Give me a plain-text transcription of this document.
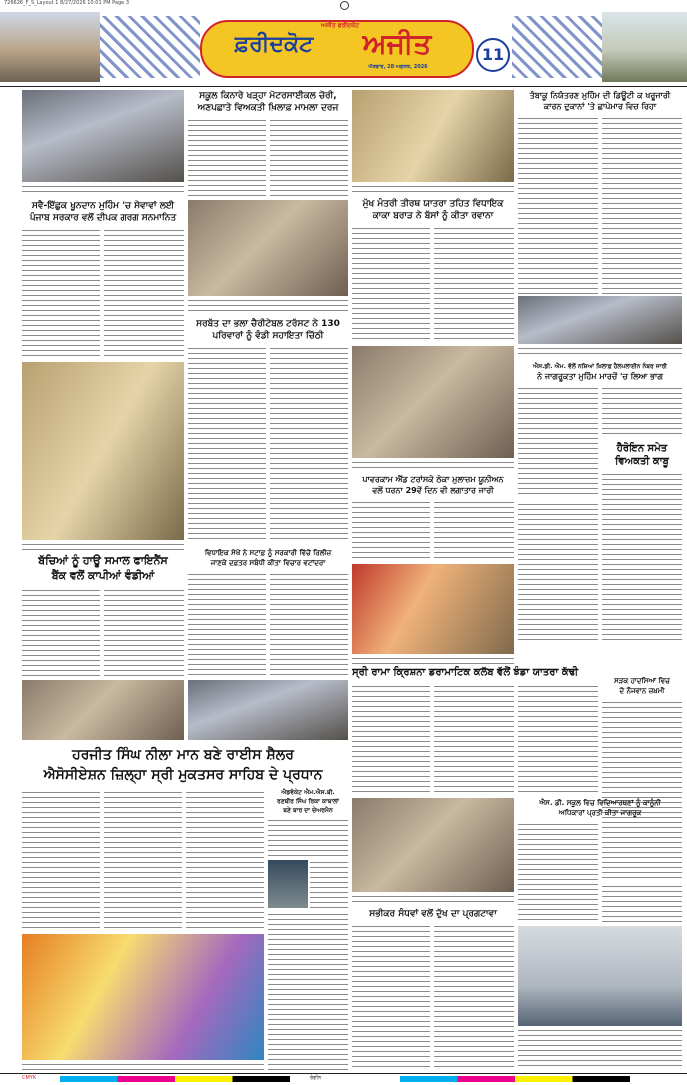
726626_F_S_Layout 1 8/27/2026 10:01 PM Page 3
ਅਜੀਤ ਫਰੀਦਕੋਟ
ਫ਼ਰੀਦਕੋਟ	ਅਜੀਤ
ਐਤਵਾਰ, 28 ਅਗਸਤ, 2026
11
ਸਵੈ-ਇੱਛੁਕ ਖੂਨਦਾਨ ਮੁਹਿੰਮ 'ਚ ਸੇਵਾਵਾਂ ਲਈ
ਪੰਜਾਬ ਸਰਕਾਰ ਵਲੋਂ ਦੀਪਕ ਗਰਗ ਸਨਮਾਨਿਤ
ਬੱਚਿਆਂ ਨੂੰ ਹਾਊ ਸਮਾਲ ਫਾਇਨੈਂਸ
ਬੈਂਕ ਵਲੋਂ ਕਾਪੀਆਂ ਵੰਡੀਆਂ
ਸਕੂਲ ਕਿਨਾਰੇ ਖੜ੍ਹਾ ਮੋਟਰਸਾਈਕਲ ਚੋਰੀ,
ਅਣਪਛਾਤੇ ਵਿਅਕਤੀ ਖ਼ਿਲਾਫ਼ ਮਾਮਲਾ ਦਰਜ
ਸਰਬੱਤ ਦਾ ਭਲਾ ਚੈਰੀਟੇਬਲ ਟਰੱਸਟ ਨੇ 130
ਪਰਿਵਾਰਾਂ ਨੂੰ ਵੰਡੀ ਸਹਾਇਤਾ ਚਿੱਠੀ
ਵਿਧਾਇਕ ਸੇਖੋਂ ਨੇ ਸਟਾਫ਼ ਨੂੰ ਸਰਕਾਰੀ ਵਿੱਚੋਂ ਰਿਲੀਜ਼
ਜਾਣਕੇ ਦਫ਼ਤਰ ਸਬੰਧੀ ਕੀਤਾ ਵਿਚਾਰ ਵਟਾਂਦਰਾ
ਮੁੱਖ ਮੰਤਰੀ ਤੀਰਥ ਯਾਤਰਾ ਤਹਿਤ ਵਿਧਾਇਕ
ਕਾਕਾ ਬਰਾੜ ਨੇ ਬੱਸਾਂ ਨੂੰ ਕੀਤਾ ਰਵਾਨਾ
ਪਾਵਰਕਾਮ ਐਂਡ ਟਰਾਂਸਕੋ ਠੇਕਾ ਮੁਲਾਜ਼ਮ ਯੂਨੀਅਨ
ਵਲੋਂ ਧਰਨਾ 29ਵੇਂ ਦਿਨ ਵੀ ਲਗਾਤਾਰ ਜਾਰੀ
ਸ੍ਰੀ ਰਾਮਾ ਕ੍ਰਿਸ਼ਨਾ ਡਰਾਮਾਟਿਕ ਕਲੱਬ ਵੱਲੋਂ ਝੰਡਾ ਯਾਤਰਾ ਕੱਢੀ
ਤੰਬਾਕੂ ਨਿਯੰਤਰਣ ਮੁਹਿੰਮ ਦੀ ਡਿਊਟੀ ਕ ਖਰੂਜਾਰੀ
ਕਾਰਨ ਦੁਕਾਨਾਂ 'ਤੇ ਛਾਪੇਮਾਰ ਵਿਚ ਰਿਹਾ
ਐਸ.ਡੀ. ਐਮ. ਵੱਲੋਂ ਨਸ਼ਿਆਂ ਖ਼ਿਲਾਫ਼ ਹੈਲਪਲਾਈਨ ਨੰਬਰ ਜਾਰੀ
ਨੇ ਜਾਗਰੂਕਤਾ ਮੁਹਿੰਮ ਮਾਰਚੋਂ 'ਚ ਲਿਆ ਭਾਗ
ਹੈਰੋਇਨ ਸਮੇਤ
ਵਿਅਕਤੀ ਕਾਬੂ
ਸੜਕ ਹਾਦਸਿਆਂ ਵਿਚ
ਦੋ ਨੌਜਵਾਨ ਜ਼ਖ਼ਮੀ
ਹਰਜੀਤ ਸਿੰਘ ਨੀਲਾ ਮਾਨ ਬਣੇ ਰਾਈਸ ਸ਼ੈਲਰ
ਐਸੋਸੀਏਸ਼ਨ ਜ਼ਿਲ੍ਹਾ ਸ੍ਰੀ ਮੁਕਤਸਰ ਸਾਹਿਬ ਦੇ ਪ੍ਰਧਾਨ
ਐਡਵੋਕੇਟ ਐਮ.ਐਸ.ਬੀ.
ਰਣਬੀਰ ਸਿੰਘ ਰਿਕਾ ਕਾਬਾਲਾਂ
ਬਣੇ ਬਾਰ ਦਾ ਚੇਅਰਮੈਨ
ਸਭੀਕਰ ਸੰਧਵਾਂ ਵਲੋਂ ਦੁੱਖ ਦਾ ਪ੍ਰਗਟਾਵਾ
ਐਸ. ਡੀ. ਸਕੂਲ ਵਿਚ ਵਿਦਿਆਰਥਣਾਂ ਨੂੰ ਕਾਨੂੰਨੀ
ਅਧਿਕਾਰਾਂ ਪ੍ਰਤੀ ਕੀਤਾ ਜਾਗਰੂਕ
CMYK	ਰੰਗੀਨ
